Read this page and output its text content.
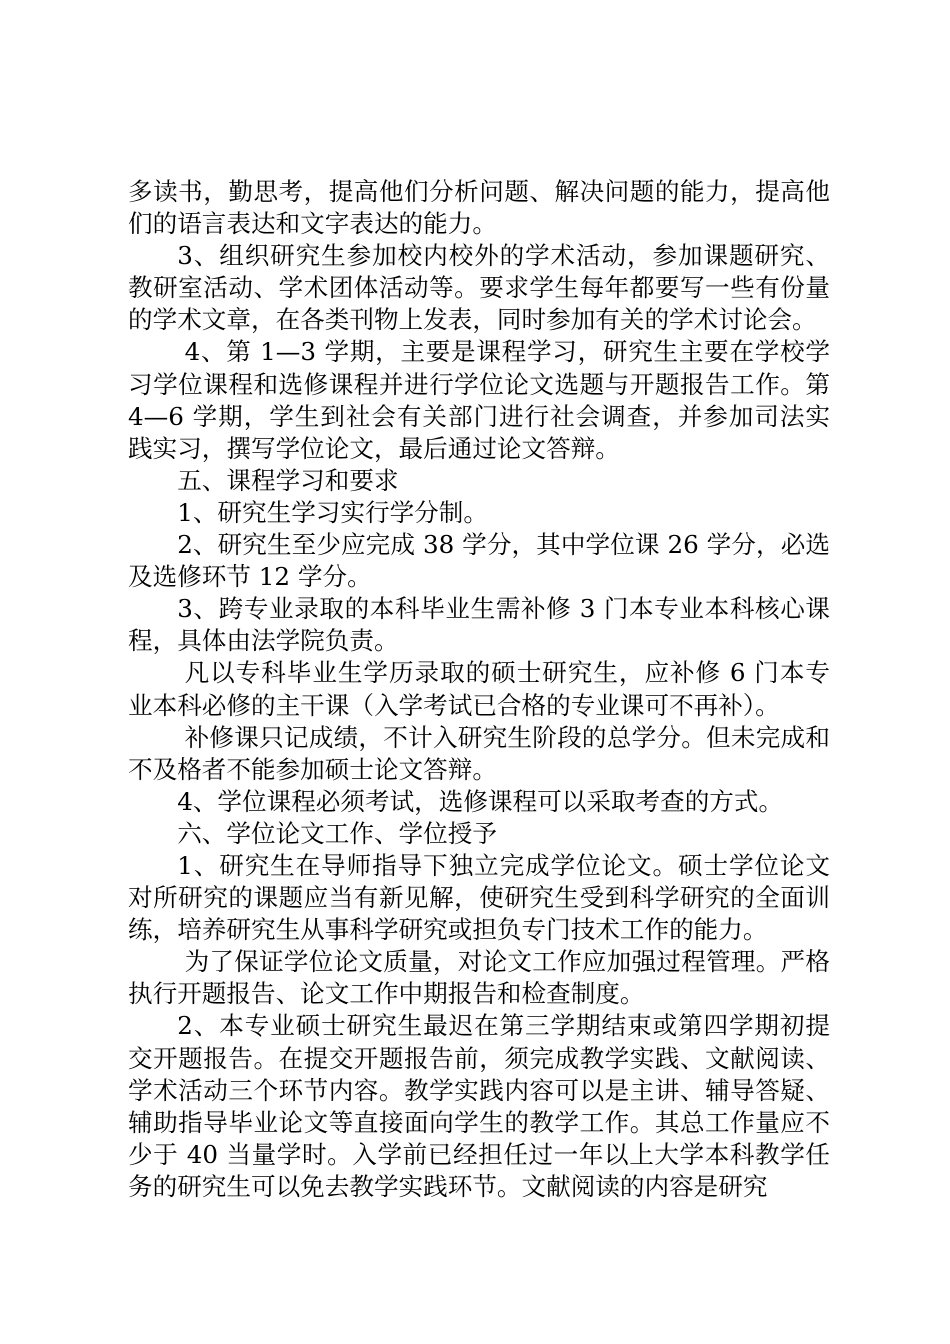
多读书，勤思考，提高他们分析问题、解决问题的能力，提高他们的语言表达和文字表达的能力。

3、组织研究生参加校内校外的学术活动，参加课题研究、教研室活动、学术团体活动等。要求学生每年都要写一些有份量的学术文章，在各类刊物上发表，同时参加有关的学术讨论会。

4、第 1—3 学期，主要是课程学习，研究生主要在学校学习学位课程和选修课程并进行学位论文选题与开题报告工作。第 4—6 学期，学生到社会有关部门进行社会调查，并参加司法实践实习，撰写学位论文，最后通过论文答辩。

五、课程学习和要求

1、研究生学习实行学分制。

2、研究生至少应完成 38 学分，其中学位课 26 学分，必选及选修环节 12 学分。

3、跨专业录取的本科毕业生需补修 3 门本专业本科核心课程，具体由法学院负责。

凡以专科毕业生学历录取的硕士研究生，应补修 6 门本专业本科必修的主干课（入学考试已合格的专业课可不再补）。

补修课只记成绩，不计入研究生阶段的总学分。但未完成和不及格者不能参加硕士论文答辩。

4、学位课程必须考试，选修课程可以采取考查的方式。

六、学位论文工作、学位授予

1、研究生在导师指导下独立完成学位论文。硕士学位论文对所研究的课题应当有新见解，使研究生受到科学研究的全面训练，培养研究生从事科学研究或担负专门技术工作的能力。

为了保证学位论文质量，对论文工作应加强过程管理。严格执行开题报告、论文工作中期报告和检查制度。

2、本专业硕士研究生最迟在第三学期结束或第四学期初提交开题报告。在提交开题报告前，须完成教学实践、文献阅读、学术活动三个环节内容。教学实践内容可以是主讲、辅导答疑、辅助指导毕业论文等直接面向学生的教学工作。其总工作量应不少于 40 当量学时。入学前已经担任过一年以上大学本科教学任务的研究生可以免去教学实践环节。文献阅读的内容是研究
